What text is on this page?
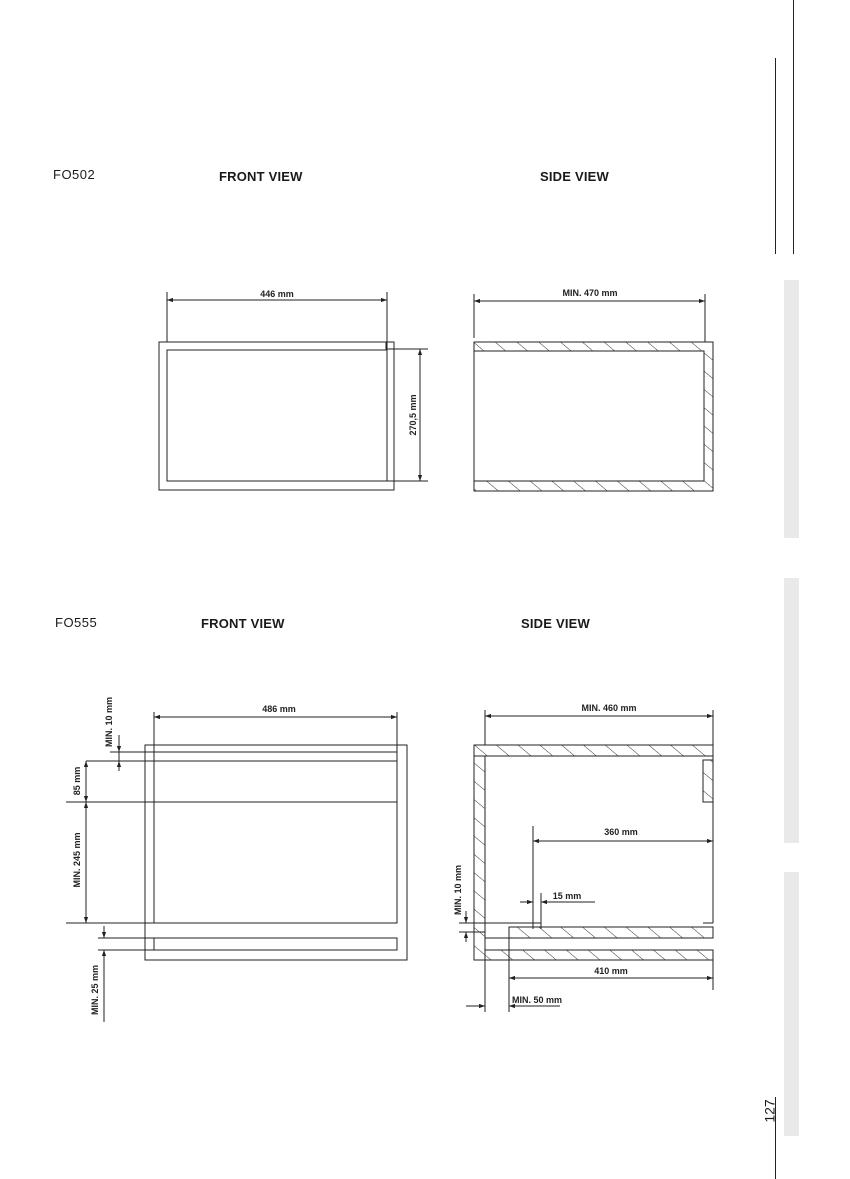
FO502	FRONT VIEW	SIDE VIEW
FO555	FRONT VIEW	SIDE VIEW
127
446 mm
270,5 mm
MIN. 470 mm
486 mm
MIN. 10 mm
85 mm
MIN. 245 mm
MIN. 25 mm
MIN. 460 mm
360 mm
15 mm
MIN. 10 mm
410 mm
MIN. 50 mm
